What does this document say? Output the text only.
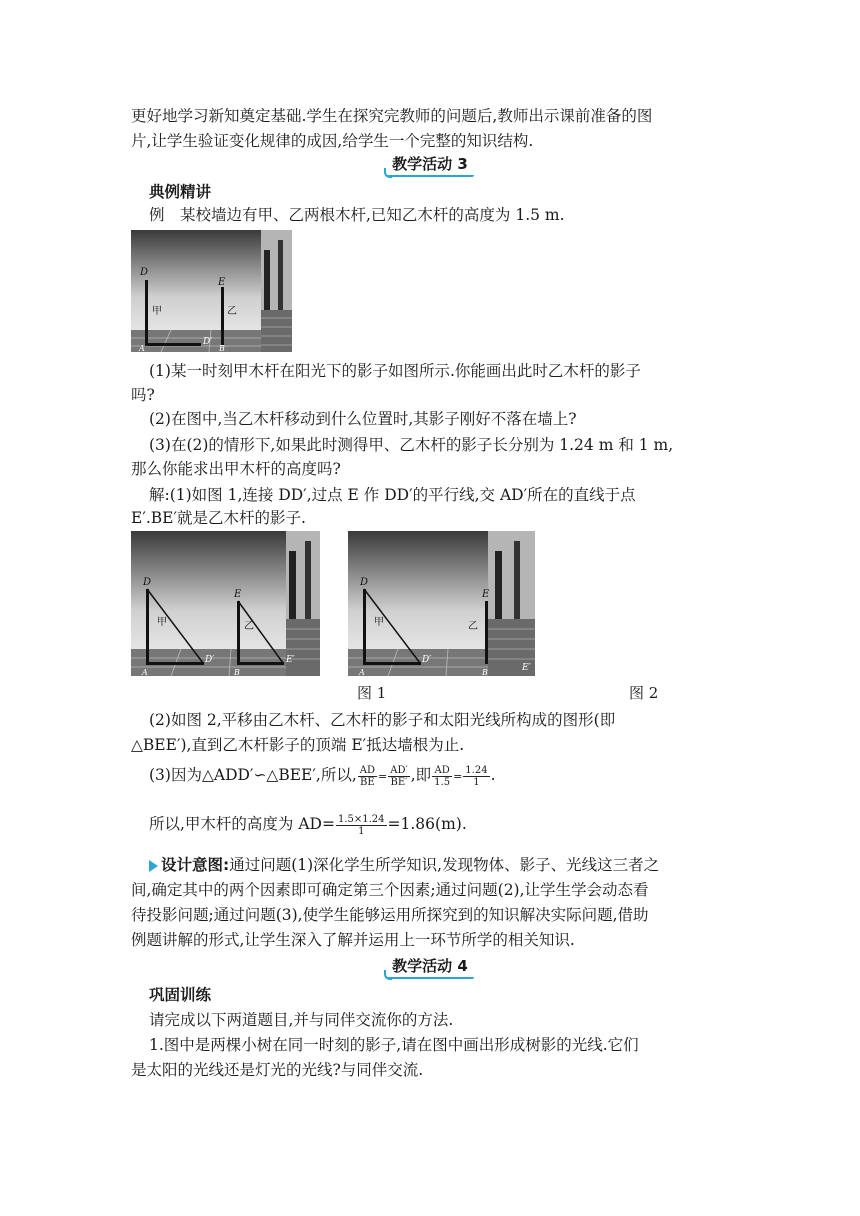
更好地学习新知奠定基础.学生在探究完教师的问题后,教师出示课前准备的图
片,让学生验证变化规律的成因,给学生一个完整的知识结构.
教学活动 3
典例精讲
例　某校墙边有甲、乙两根木杆,已知乙木杆的高度为 1.5 m.
D
E
甲	乙
D′
A	B
(1)某一时刻甲木杆在阳光下的影子如图所示.你能画出此时乙木杆的影子
吗?
(2)在图中,当乙木杆移动到什么位置时,其影子刚好不落在墙上?
(3)在(2)的情形下,如果此时测得甲、乙木杆的影子长分别为 1.24 m 和 1 m,
那么你能求出甲木杆的高度吗?
解:(1)如图 1,连接 DD′,过点 E 作 DD′的平行线,交 AD′所在的直线于点
E′.BE′就是乙木杆的影子.
D
E
甲	乙
D′	E′
A	B
D
E
甲	乙
D′
E′
A	B
图 1	图 2
(2)如图 2,平移由乙木杆、乙木杆的影子和太阳光线所构成的图形(即
△BEE′),直到乙木杆影子的顶端 E′抵达墙根为止.
(3)因为△ADD′∽△BEE′,所以, $\frac{AD}{BE} = \frac{AD'}{BE'}$ ,即 $\frac{AD}{1.5} = \frac{1.24}{1}$ .
所以,甲木杆的高度为 $AD= \frac{1.5\times 1.24}{1} =1.86(m)$.
设计意图:通过问题(1)深化学生所学知识,发现物体、影子、光线这三者之
间,确定其中的两个因素即可确定第三个因素;通过问题(2),让学生学会动态看
待投影问题;通过问题(3),使学生能够运用所探究到的知识解决实际问题,借助
例题讲解的形式,让学生深入了解并运用上一环节所学的相关知识.
教学活动 4
巩固训练
请完成以下两道题目,并与同伴交流你的方法.
1.图中是两棵小树在同一时刻的影子,请在图中画出形成树影的光线.它们
是太阳的光线还是灯光的光线?与同伴交流.
